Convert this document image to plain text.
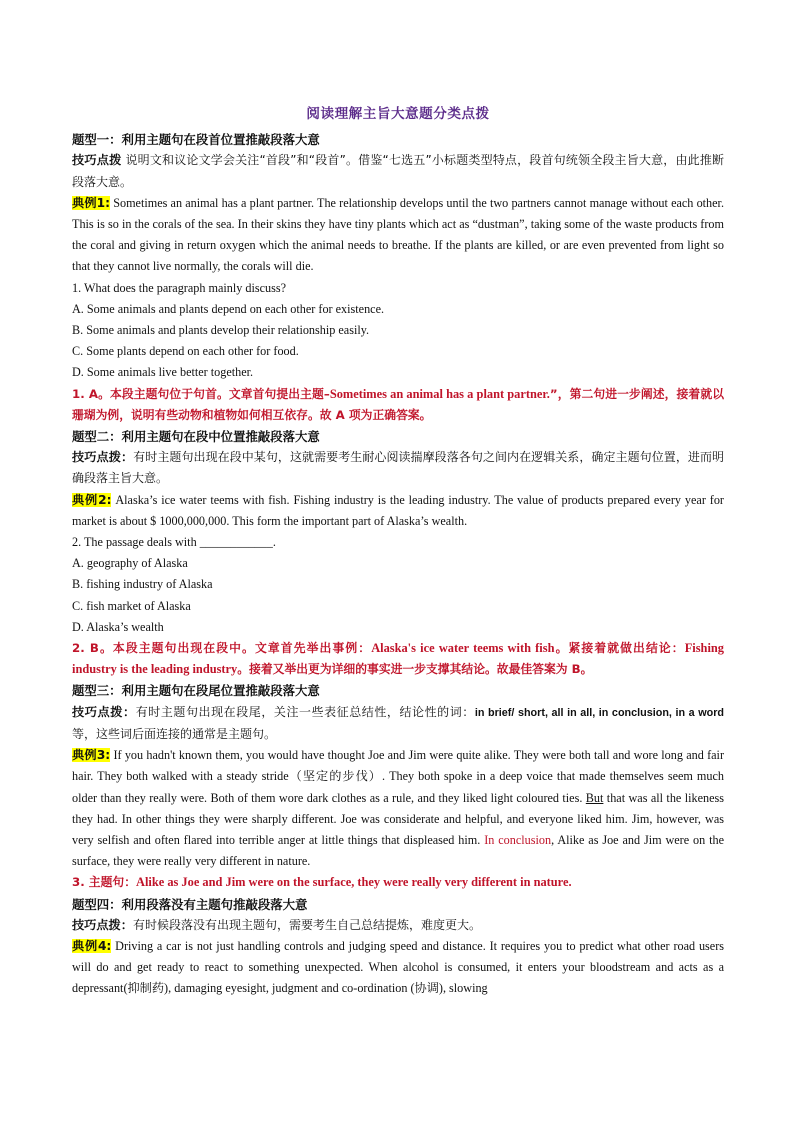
阅读理解主旨大意题分类点拨

题型一：利用主题句在段首位置推敲段落大意

技巧点拨 说明文和议论文学会关注“首段”和“段首”。借鉴“七选五”小标题类型特点，段首句统领全段主旨大意，由此推断段落大意。

典例1: Sometimes an animal has a plant partner. The relationship develops until the two partners cannot manage without each other. This is so in the corals of the sea. In their skins they have tiny plants which act as “dustman”, taking some of the waste products from the coral and giving in return oxygen which the animal needs to breathe. If the plants are killed, or are even prevented from light so that they cannot live normally, the corals will die.

1. What does the paragraph mainly discuss?

A. Some animals and plants depend on each other for existence.

B. Some animals and plants develop their relationship easily.

C. Some plants depend on each other for food.

D. Some animals live better together.

1. A。本段主题句位于句首。文章首句提出主题–Sometimes an animal has a plant partner.”，第二句进一步阐述，接着就以珊瑚为例，说明有些动物和植物如何相互依存。故 A 项为正确答案。

题型二：利用主题句在段中位置推敲段落大意

技巧点拨：有时主题句出现在段中某句，这就需要考生耐心阅读揣摩段落各句之间内在逻辑关系，确定主题句位置，进而明确段落主旨大意。

典例2: Alaska’s ice water teems with fish. Fishing industry is the leading industry. The value of products prepared every year for market is about $ 1000,000,000. This form the important part of Alaska’s wealth.

2. The passage deals with ____________.

A. geography of Alaska

B. fishing industry of Alaska

C. fish market of Alaska

D. Alaska’s wealth

2. B。本段主题句出现在段中。文章首先举出事例：Alaska's ice water teems with fish。紧接着就做出结论：Fishing industry is the leading industry。接着又举出更为详细的事实进一步支撑其结论。故最佳答案为 B。

题型三：利用主题句在段尾位置推敲段落大意

技巧点拨：有时主题句出现在段尾，关注一些表征总结性，结论性的词：in brief/ short, all in all, in conclusion, in a word等，这些词后面连接的通常是主题句。

典例3: If you hadn't known them, you would have thought Joe and Jim were quite alike. They were both tall and wore long and fair hair. They both walked with a steady stride（坚定的步伐）. They both spoke in a deep voice that made themselves seem much older than they really were. Both of them wore dark clothes as a rule, and they liked light coloured ties. But that was all the likeness they had. In other things they were sharply different. Joe was considerate and helpful, and everyone liked him. Jim, however, was very selfish and often flared into terrible anger at little things that displeased him. In conclusion, Alike as Joe and Jim were on the surface, they were really very different in nature.

3. 主题句：Alike as Joe and Jim were on the surface, they were really very different in nature.

题型四：利用段落没有主题句推敲段落大意

技巧点拨：有时候段落没有出现主题句，需要考生自己总结提炼，难度更大。

典例4: Driving a car is not just handling controls and judging speed and distance. It requires you to predict what other road users will do and get ready to react to something unexpected. When alcohol is consumed, it enters your bloodstream and acts as a depressant(抑制药), damaging eyesight, judgment and co-ordination (协调), slowing
